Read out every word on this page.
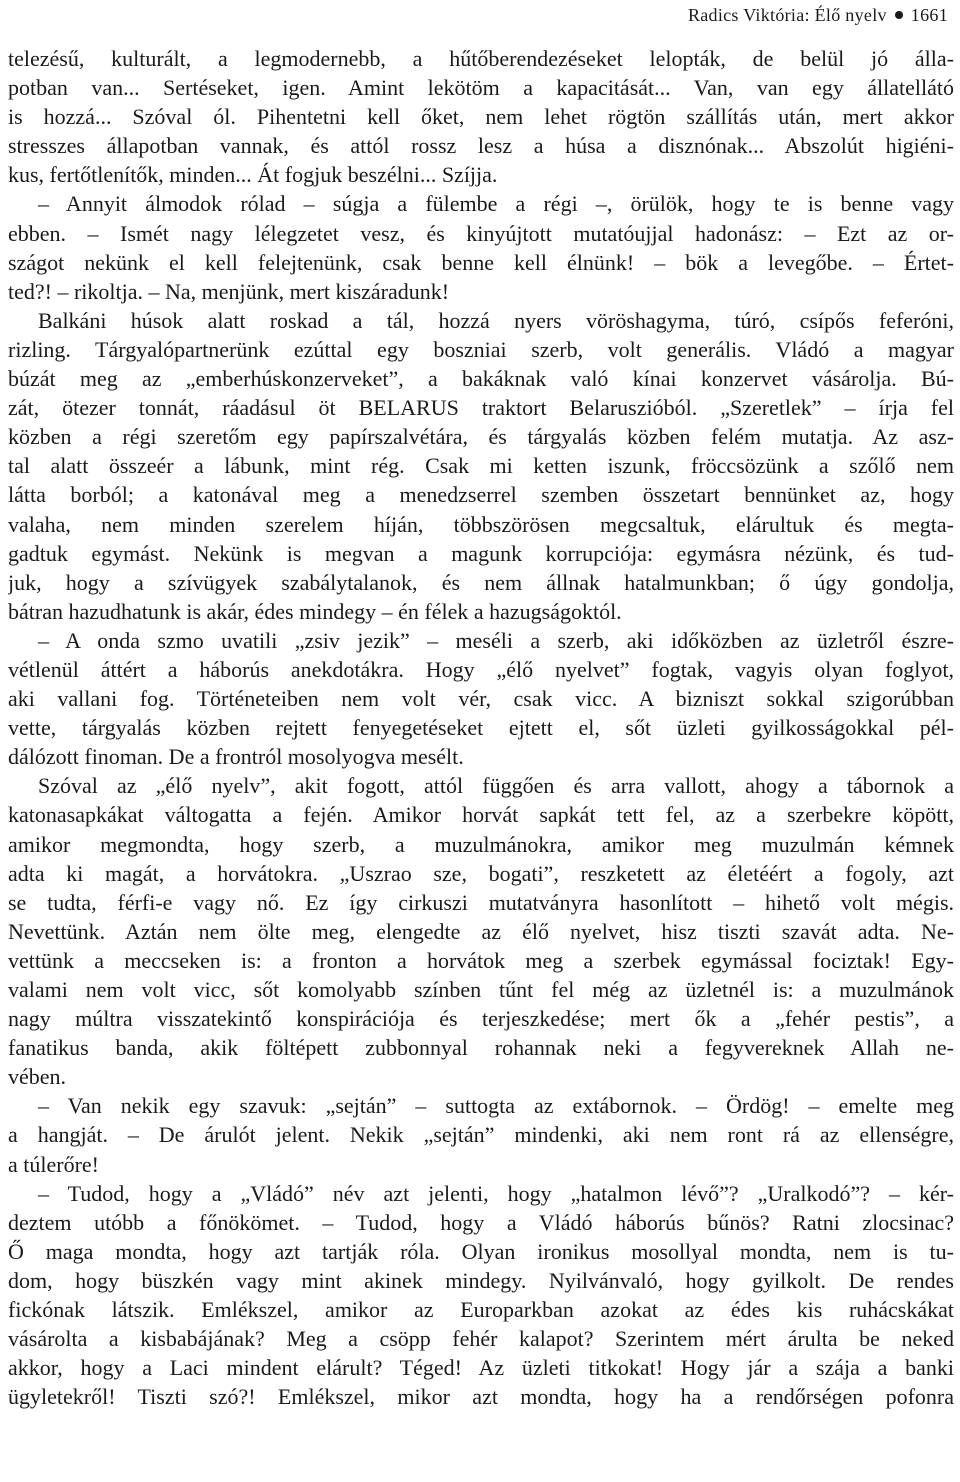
Radics Viktória: Élő nyelv 1661
telezésű, kulturált, a legmodernebb, a hűtőberendezéseket lelopták, de belül jó álla-
potban van... Sertéseket, igen. Amint lekötöm a kapacitását... Van, van egy állatellátó
is hozzá... Szóval ól. Pihentetni kell őket, nem lehet rögtön szállítás után, mert akkor
stresszes állapotban vannak, és attól rossz lesz a húsa a disznónak... Abszolút higiéni-
kus, fertőtlenítők, minden... Át fogjuk beszélni... Szíjja.
– Annyit álmodok rólad – súgja a fülembe a régi –, örülök, hogy te is benne vagy
ebben. – Ismét nagy lélegzetet vesz, és kinyújtott mutatóujjal hadonász: – Ezt az or-
szágot nekünk el kell felejtenünk, csak benne kell élnünk! – bök a levegőbe. – Értet-
ted?! – rikoltja. – Na, menjünk, mert kiszáradunk!
Balkáni húsok alatt roskad a tál, hozzá nyers vöröshagyma, túró, csípős feferóni,
rizling. Tárgyalópartnerünk ezúttal egy boszniai szerb, volt generális. Vládó a magyar
búzát meg az „emberhúskonzerveket”, a bakáknak való kínai konzervet vásárolja. Bú-
zát, ötezer tonnát, ráadásul öt BELARUS traktort Belaruszióból. „Szeretlek” – írja fel
közben a régi szeretőm egy papírszalvétára, és tárgyalás közben felém mutatja. Az asz-
tal alatt összeér a lábunk, mint rég. Csak mi ketten iszunk, fröccsözünk a szőlő nem
látta borból; a katonával meg a menedzserrel szemben összetart bennünket az, hogy
valaha, nem minden szerelem híján, többszörösen megcsaltuk, elárultuk és megta-
gadtuk egymást. Nekünk is megvan a magunk korrupciója: egymásra nézünk, és tud-
juk, hogy a szívügyek szabálytalanok, és nem állnak hatalmunkban; ő úgy gondolja,
bátran hazudhatunk is akár, édes mindegy – én félek a hazugságoktól.
– A onda szmo uvatili „zsiv jezik” – meséli a szerb, aki időközben az üzletről észre-
vétlenül áttért a háborús anekdotákra. Hogy „élő nyelvet” fogtak, vagyis olyan foglyot,
aki vallani fog. Történeteiben nem volt vér, csak vicc. A bizniszt sokkal szigorúbban
vette, tárgyalás közben rejtett fenyegetéseket ejtett el, sőt üzleti gyilkosságokkal pél-
dálózott finoman. De a frontról mosolyogva mesélt.
Szóval az „élő nyelv”, akit fogott, attól függően és arra vallott, ahogy a tábornok a
katonasapkákat váltogatta a fején. Amikor horvát sapkát tett fel, az a szerbekre köpött,
amikor megmondta, hogy szerb, a muzulmánokra, amikor meg muzulmán kémnek
adta ki magát, a horvátokra. „Uszrao sze, bogati”, reszketett az életéért a fogoly, azt
se tudta, férfi-e vagy nő. Ez így cirkuszi mutatványra hasonlított – hihető volt mégis.
Nevettünk. Aztán nem ölte meg, elengedte az élő nyelvet, hisz tiszti szavát adta. Ne-
vettünk a meccseken is: a fronton a horvátok meg a szerbek egymással fociztak! Egy-
valami nem volt vicc, sőt komolyabb színben tűnt fel még az üzletnél is: a muzulmánok
nagy múltra visszatekintő konspirációja és terjeszkedése; mert ők a „fehér pestis”, a
fanatikus banda, akik föltépett zubbonnyal rohannak neki a fegyvereknek Allah ne-
vében.
– Van nekik egy szavuk: „sejtán” – suttogta az extábornok. – Ördög! – emelte meg
a hangját. – De árulót jelent. Nekik „sejtán” mindenki, aki nem ront rá az ellenségre,
a túlerőre!
– Tudod, hogy a „Vládó” név azt jelenti, hogy „hatalmon lévő”? „Uralkodó”? – kér-
deztem utóbb a főnökömet. – Tudod, hogy a Vládó háborús bűnös? Ratni zlocsinac?
Ő maga mondta, hogy azt tartják róla. Olyan ironikus mosollyal mondta, nem is tu-
dom, hogy büszkén vagy mint akinek mindegy. Nyilvánvaló, hogy gyilkolt. De rendes
fickónak látszik. Emlékszel, amikor az Europarkban azokat az édes kis ruhácskákat
vásárolta a kisbabájának? Meg a csöpp fehér kalapot? Szerintem mért árulta be neked
akkor, hogy a Laci mindent elárult? Téged! Az üzleti titkokat! Hogy jár a szája a banki
ügyletekről! Tiszti szó?! Emlékszel, mikor azt mondta, hogy ha a rendőrségen pofonra
